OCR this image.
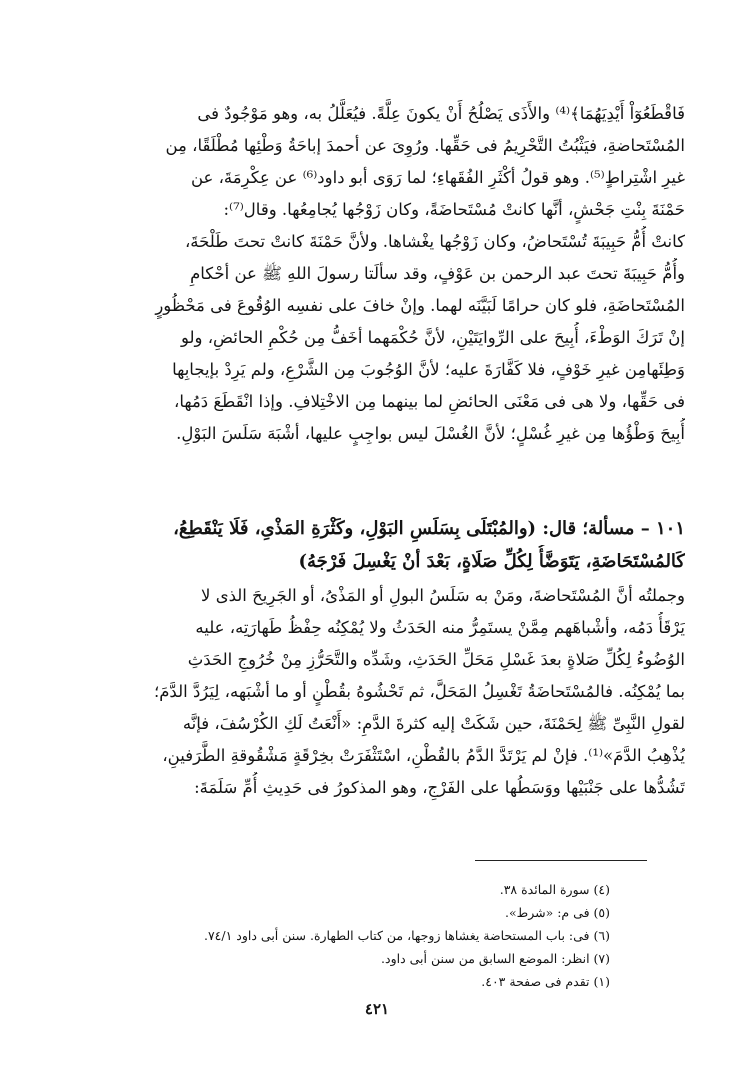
فَاقْطَعُوٓاْ أَيْدِيَهُمَا﴾⁽⁴⁾ والأَذَى يَصْلُحُ أَنْ يكونَ عِلَّةً. فيُعَلَّلُ به، وهو مَوْجُودٌ فى
المُسْتَحاضةِ، فيَثْبُتُ التَّحْرِيمُ فى حَقِّها. ورُوِىَ عن أحمدَ إباحَةُ وَطْئِها مُطْلَقًا، مِن
غيرِ اشْتِراطٍ⁽⁵⁾. وهو قولُ أكْثَرِ الفُقَهاءِ؛ لما رَوَى أبو داود⁽⁶⁾ عن عِكْرِمَةَ، عن
حَمْنَةَ بِنْتِ جَحْشٍ، أنَّها كانتْ مُسْتَحاضَةً، وكان زَوْجُها يُجامِعُها. وقال⁽⁷⁾:
كانتْ أُمُّ حَبِيبَةَ تُسْتَحاضُ، وكان زَوْجُها يغْشاها. ولأنَّ حَمْنَةَ كانتْ تحتَ طَلْحَةَ،
وأُمُّ حَبِيبَةَ تحتَ عبد الرحمن بن عَوْفٍ، وقد سألَتا رسولَ اللهِ ﷺ عن أحْكامِ
المُسْتَحاضَةِ، فلو كان حرامًا لَبَيَّنَه لهما. وإنْ خافَ على نفسِه الوُقُوعَ فى مَحْظُورٍ
إنْ تَرَكَ الوَطْءَ، أُبِيحَ على الرِّوايَتَيْنِ، لأنَّ حُكْمَهما أخَفُّ مِن حُكْمِ الحائضِ، ولو
وَطِئَهامِن غيرِ خَوْفٍ، فلا كَفَّارَةَ عليه؛ لأنَّ الوُجُوبَ مِن الشَّرْعِ، ولم يَرِدْ بإيجابِها
فى حَقِّها، ولا هى فى مَعْنَى الحائضِ لما بينهما مِن الاخْتِلافِ. وإذا انْقَطَعَ دَمُها،
أُبِيحَ وَطْؤُها مِن غيرِ غُسْلٍ؛ لأنَّ الغُسْلَ ليس بواجِبٍ عليها، أشْبَهَ سَلَسَ البَوْلِ.
١٠١ – مسألة؛ قال: (والمُبْتَلَى بِسَلَسِ البَوْلِ، وكَثْرَةِ المَذْىِ، فَلَا يَنْقَطِعُ،
كَالمُسْتَحَاضَةِ، يَتَوَضَّأُ لِكُلِّ صَلَاةٍ، بَعْدَ أنْ يَغْسِلَ فَرْجَهُ)
وجملتُه أنَّ المُسْتَحاضةَ، ومَنْ به سَلَسُ البولِ أو المَذْىُ، أو الجَرِيحَ الذى لا
يَرْقَأُ دَمُه، وأشْباهَهم مِمَّنْ يستَمِرُّ منه الحَدَثُ ولا يُمْكِنُه حِفْظُ طَهارَتِه، عليه
الوُضُوءُ لِكُلِّ صَلاةٍ بعدَ غَسْلِ مَحَلِّ الحَدَثِ، وشَدِّه والتَّحَرُّزِ مِنْ خُرُوجِ الحَدَثِ
بما يُمْكِنُه. فالمُسْتَحاضَةُ تَغْسِلُ المَحَلَّ، ثم تَحْشُوهُ بقُطْنٍ أو ما أشْبَهه، لِيَرُدَّ الدَّمَ؛
لقولِ النَّبِىِّ ﷺ لِحَمْنَةَ، حين شَكَتْ إليه كثرةَ الدَّمِ: «أَنْعَتُ لَكِ الكُرْسُفَ، فإنَّه
يُذْهِبُ الدَّمَ»⁽¹⁾. فإنْ لم يَرْتَدَّ الدَّمُ بالقُطْنِ، اسْتَثْفَرَتْ بخِرْقَةٍ مَشْقُوقةِ الطَّرَفينِ،
تَشُدُّها على جَنْبَيْها ووَسَطُها على الفَرْجِ، وهو المذكورُ فى حَدِيثِ أُمِّ سَلَمَةَ:
(٤) سورة المائدة ٣٨.
(٥) فى م: «شرط».
(٦) فى: باب المستحاضة يغشاها زوجها، من كتاب الطهارة. سنن أبى داود ٧٤/١.
(٧) انظر: الموضع السابق من سنن أبى داود.
(١) تقدم فى صفحة ٤٠٣.
٤٢١
